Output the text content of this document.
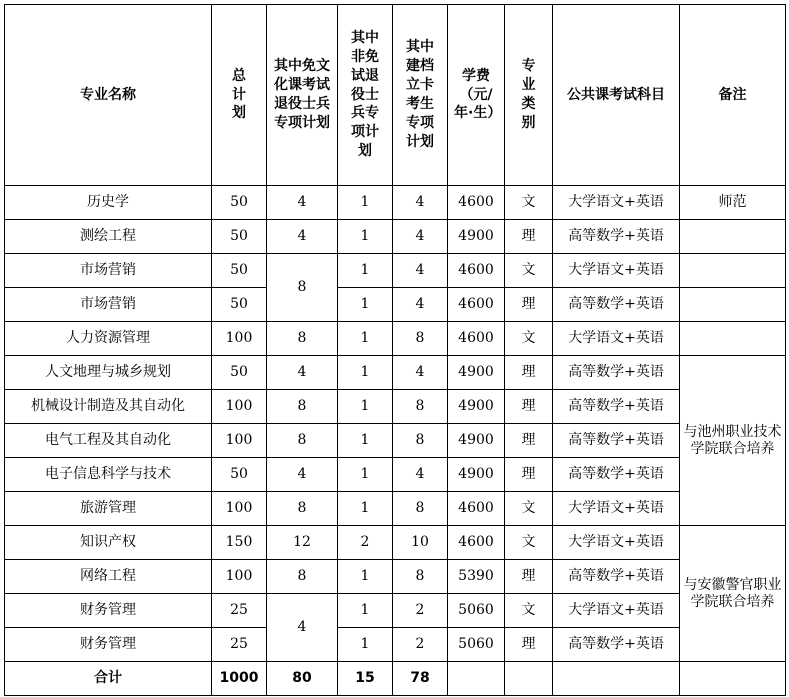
专业名称	总计划	其中免文化课考试退役士兵专项计划	其中非免试退役士兵专项计划	其中建档立卡考生专项计划	学费（元/年·生）	专业类别	公共课考试科目	备注
历史学	50	4	1	4	4600	文	大学语文+英语	师范
测绘工程	50	4	1	4	4900	理	高等数学+英语	
市场营销	50	8	1	4	4600	文	大学语文+英语	
市场营销	50		1	4	4600	理	高等数学+英语	
人力资源管理	100	8	1	8	4600	文	大学语文+英语	
人文地理与城乡规划	50	4	1	4	4900	理	高等数学+英语	与池州职业技术学院联合培养
机械设计制造及其自动化	100	8	1	8	4900	理	高等数学+英语	
电气工程及其自动化	100	8	1	8	4900	理	高等数学+英语	
电子信息科学与技术	50	4	1	4	4900	理	高等数学+英语	
旅游管理	100	8	1	8	4600	文	大学语文+英语	
知识产权	150	12	2	10	4600	文	大学语文+英语	与安徽警官职业学院联合培养
网络工程	100	8	1	8	5390	理	高等数学+英语	
财务管理	25	4	1	2	5060	文	大学语文+英语	
财务管理	25		1	2	5060	理	高等数学+英语	
合计	1000	80	15	78				
